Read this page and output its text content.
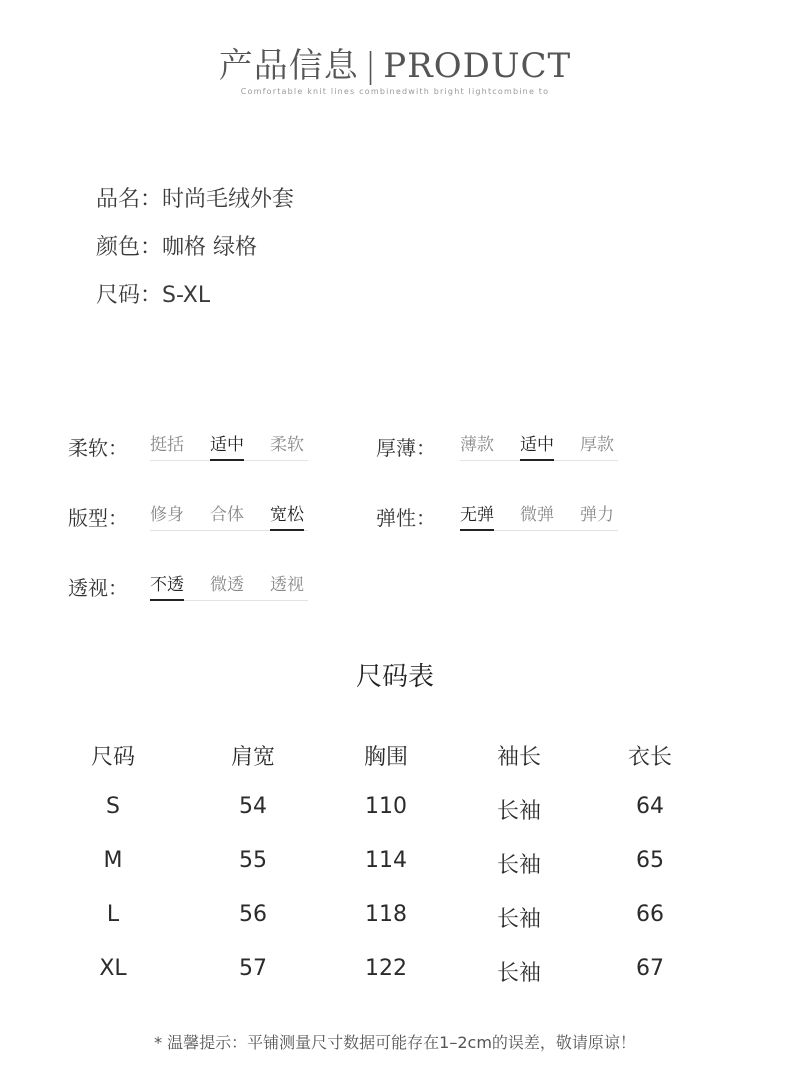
产品信息 | PRODUCT
Comfortable knit lines combinedwith bright lightcombine to
品名：时尚毛绒外套
颜色：咖格 绿格
尺码：S-XL
柔软： 挺括 适中 柔软	厚薄： 薄款 适中 厚款
版型： 修身 合体 宽松	弹性： 无弹 微弹 弹力
透视： 不透 微透 透视
尺码表
尺码	肩宽	胸围	袖长	衣长
S	54	110	长袖	64
M	55	114	长袖	65
L	56	118	长袖	66
XL	57	122	长袖	67
* 温馨提示：平铺测量尺寸数据可能存在1–2cm的误差，敬请原谅！
